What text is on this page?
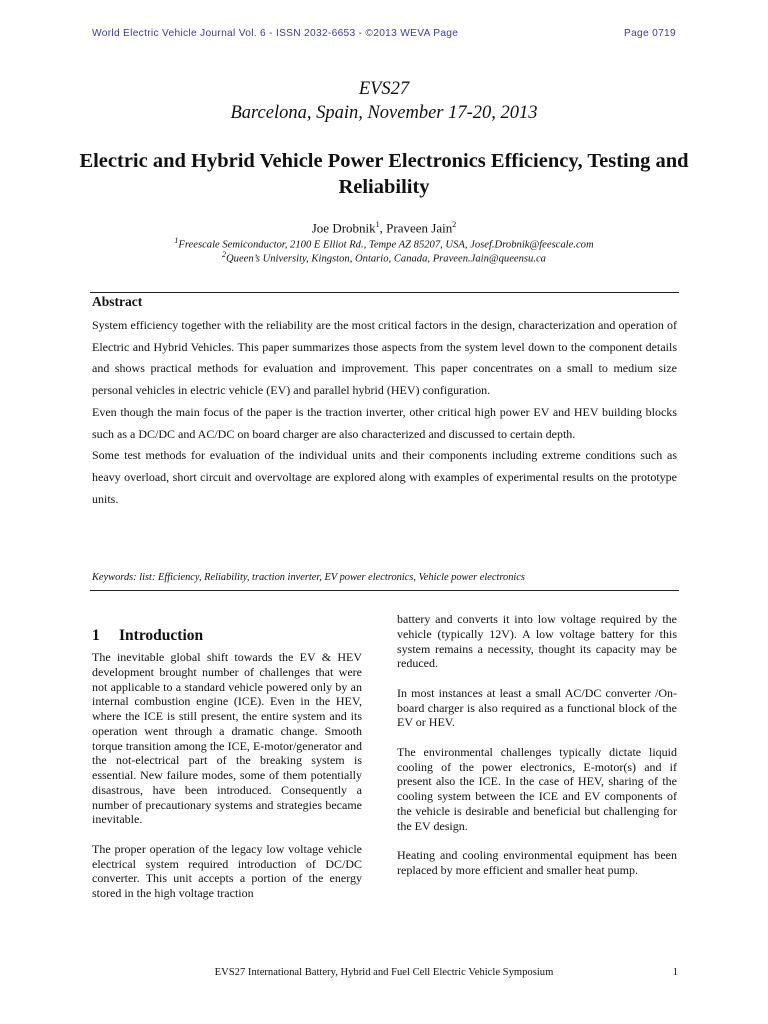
World Electric Vehicle Journal Vol. 6 - ISSN 2032-6653 - ©2013 WEVA Page	Page 0719
EVS27
Barcelona, Spain, November 17-20, 2013
Electric and Hybrid Vehicle Power Electronics Efficiency, Testing and Reliability
Joe Drobnik$^1$, Praveen Jain$^2$
$^1$Freescale Semiconductor, 2100 E Elliot Rd., Tempe AZ 85207, USA, Josef.Drobnik@feescale.com
$^2$Queen’s University, Kingston, Ontario, Canada, Praveen.Jain@queensu.ca
Abstract

System efficiency together with the reliability are the most critical factors in the design, characterization and operation of Electric and Hybrid Vehicles. This paper summarizes those aspects from the system level down to the component details and shows practical methods for evaluation and improvement. This paper concentrates on a small to medium size personal vehicles in electric vehicle (EV) and parallel hybrid (HEV) configuration.

Even though the main focus of the paper is the traction inverter, other critical high power EV and HEV building blocks such as a DC/DC and AC/DC on board charger are also characterized and discussed to certain depth.

Some test methods for evaluation of the individual units and their components including extreme conditions such as heavy overload, short circuit and overvoltage are explored along with examples of experimental results on the prototype units.

Keywords: list: Efficiency, Reliability, traction inverter, EV power electronics, Vehicle power electronics
1 Introduction

The inevitable global shift towards the EV & HEV development brought number of challenges that were not applicable to a standard vehicle powered only by an internal combustion engine (ICE). Even in the HEV, where the ICE is still present, the entire system and its operation went through a dramatic change. Smooth torque transition among the ICE, E-motor/generator and the not-electrical part of the breaking system is essential. New failure modes, some of them potentially disastrous, have been introduced. Consequently a number of precautionary systems and strategies became inevitable.

The proper operation of the legacy low voltage vehicle electrical system required introduction of DC/DC converter. This unit accepts a portion of the energy stored in the high voltage traction

battery and converts it into low voltage required by the vehicle (typically 12V). A low voltage battery for this system remains a necessity, thought its capacity may be reduced.

In most instances at least a small AC/DC converter /On-board charger is also required as a functional block of the EV or HEV.

The environmental challenges typically dictate liquid cooling of the power electronics, E-motor(s) and if present also the ICE. In the case of HEV, sharing of the cooling system between the ICE and EV components of the vehicle is desirable and beneficial but challenging for the EV design.

Heating and cooling environmental equipment has been replaced by more efficient and smaller heat pump.

EVS27 International Battery, Hybrid and Fuel Cell Electric Vehicle Symposium	1
